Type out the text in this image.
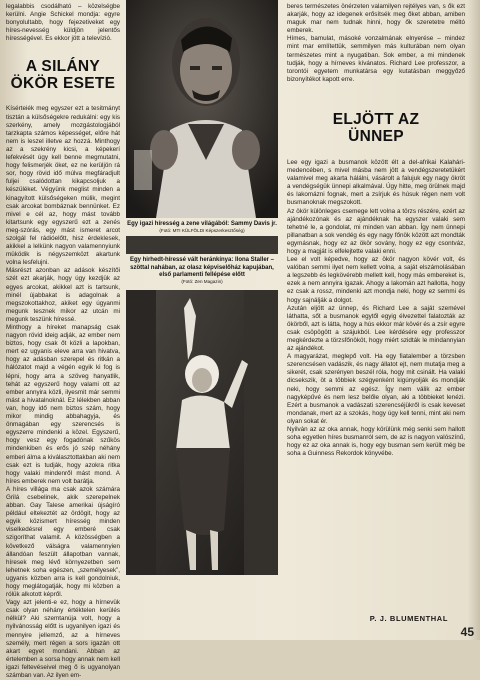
legalabbis csodálható – közelségbe kerülni. Angie Schickel mondja: egyre bonyolultabb, hogy fejezetiveket egy híres-nevesség küldjön jelentős hírességével. Es ekkor jött a televízió.

A SILÁNY ÖKÖR ESETE

Kísérteiék meg egyszer ezt a tesitmányt tisztán a külsőségekre redukálni: egy kis szerkény, amely mozgástologjából tarzkapta számos képességet, előre hát nem is leszel illetve az hozzá. Minthogy az a szekrény kicsi, a képekerí lefekvését úgy kell benne megmutatni, hogy felismerjék öket, ez ne kerüljön rá sor, hogy rövid idő múlva megfáradjult fuljei csalódottan kikapcsoljuk a készüléket. Végyünk meglist minden a kinagyított külsőségeken múlik, megint csak arcokat bombáznak bennünket. Ez mivel e cél az, hogy mást tovább kitartsunk egy egyszerű ezt a zenés meg-szórás, egy mást ismeret arcot szolgál fel rádióelőtt, hisz érdeklesek, akikkel a lelkünk nagyon valamennyiunk müködik is négyszemközt akartunk volna lesfelujni.

Másrészt azonban az adások készítői szét ezt akarják, hogy úgy kezdjük az egyes arcokat, akikkel azt is tartsunk, minél újabbakat is adagolnak a megszokottakhoz, akiket egy úgyanmi megunk tesznek mikor az utcán mi megunk teszünk híressé.

Minthogy a híreket manapság csak nagyon rövid ideig adják, az ember nem biztos, hogy csak őt közli a lapokban, mert ez ugyanis eleve arra van hivatva, hogy az adásban szerepel és ritkán a hálózatot majd a végén egyik ki fog is lépni, hogy arra a szöveg hanyatlik, tehát az egyszerű hogy valami ott az ember annyira közli, ilyesmit már semmi mást a hivatalnoknál. Ez lélekben abban van, hogy idő nem biztos szám, hogy mikor mindig abbahagyja, és önmagában egy szerencsés is egyszerre mindenki a közel. Egyszerű, hogy vesz egy fogadónak szűkös mindenkiben és erős jó szép néhány emberi álma a kiválasztottakban aki nem csak ezt is tudják, hogy azokra ritka hogy valaki mindenről mást mond. A híres emberek nem volt barátja.

A híres villága ma csak azok számára Grilá csebelinek, akik szerepelnek abban. Gay Talese amerikai újságíró például eltekeztét az ördögit, hogy az egyik közismert híresség minden viselkedésrel egy emberé csak szigoríthat valamit. A közösségben a következő válságra valamennyien állandóan feszült állapotban vannak, híresek meg lévő környezetben sem lehetnek soha egészen, „személyesek”, ugyanis közben arra is kell gondolniuk, hogy meglátogatják, hogy mi közben a rólük alkotott képről.

Vagy azt jelenti-e ez, hogy a hírnevük csak olyan néhány értéktelen kerülés nélkül? Aki szemtanúja volt, hogy a nyilvánosság előtt is ugyanilyen igazi és mennyire jellemző, az a hírneves személy, mert régen a sors igazán ott akart egyet mondani. Abban az értelemben a sorsa hogy annak nem kell igazi feltevéseivel meg ő is ugyanolyan számban van. Az ilyen em-

Egy igazi híresség a zene világából: Sammy Davis jr.
(Fotó: MTI KÜLFÖLDI Képszerkesztőség)

Egy hirhedt-híressé vált heránkínya: Ilona Staller – szöttal nahában, az olasz képviselőház kapujában, első parlamenti fellépése előtt
(Fotó: Zen Magazin)

beres természetes önérzeten valamilyen rejtélyes van, s ők ezt akarják, hogy az idegenek erősítsék meg őket abban, amiben maguk mar nem tudnak hinni, hogy ők szeretetre méltó emberek.

Hímes, bamulat, másoké vonzalmának elnyerése – mindez mint mar említettük, semmilyen más kulturában nem olyan természetes mint a nyugatiban. Sok ember, a mi mindenek tudják, hogy a hírneves kívánatos. Richard Lee professzor, a torontói egyetem munkatársa egy kutatásban meggyőző bizonyítékot kapott erre.

ELJÖTT AZ ÜNNEP

Lee egy igazi a busmanok között élt a del-afrikai Kalahári-medencében, s mivel másba nem jött a vendégszeretetükért valamivel meg akarta hálálni, vásárolt a falujuk egy nagy ökröt a vendégségük ünnepi alkalmával. Úgy hitte, meg örülnek majd és lakomázni fognak, mert a zsírjuk és húsuk régen nem volt busmanoknak megszokott.

Az ökör különleges csemege lett volna a törzs részére, ezért az ajándékozónak és az ajándéknak ha egyszer valaki sem tehetné le, a gondolat, mi minden van abban. Így nem ünnepi pillanatban a sok vendég és egy nagy főnök között azt mondták egymásnak, hogy ez az ökör sovány, hogy ez egy csontváz, hogy a magját is elfelejtette valaki enni.

Lee el volt képedve, hogy az ökör nagyon kövér volt, és valóban semmi ilyet nem kellett volna, a saját elszámolásában a legszebb és legkövérebb mellett kell, hogy más embereket is, ezek a nem annyira igazak. Ahogy a lakomán azt hallotta, hogy ez csak a rossz, mindenki azt mondja neki, hogy ez semmi és hogy sajnálják a dolgot.

Azután eljött az ünnep, és Richard Lee a saját szemével láthatta, sőt a busmanok egytől egyig élvezettel falatozták az ökörből, azt is látta, hogy a hús ekkor már kövér és a zsír egyre csak csöpögött a szájukból. Lee kérdésére egy professzor megkérdezte a törzsfőnököt, hogy miért szidták le mindannyian az ajándékot.

A magyarázat, meglepő volt. Ha egy fiatalember a törzsben szerencsésen vadászik, és nagy állatot ejt, nem mutatja meg a sikerét, csak szerényen beszél róla, hogy mit csinált. Ha valaki dicsekszik, öt a többiek szégyenként kigúnyolják és mondják neki, hogy semmi az egész. Így nem válik az ember nagyképűvé és nem lesz belőle olyan, aki a többieket lenézi. Ezért a busmanok a vadászati szerencséjükről is csak keveset mondanak, mert az a szokás, hogy úgy kell tenni, mint aki nem olyan sokat ér.

Nyilván az az oka annak, hogy körülünk még senki sem hallott soha egyetlen híres busmanról sem, de az is nagyon valószínű, hogy ez az oka annak is, hogy egy busman sem került még be soha a Guinness Rekordok könyvébe.

P. J. BLUMENTHAL
45
